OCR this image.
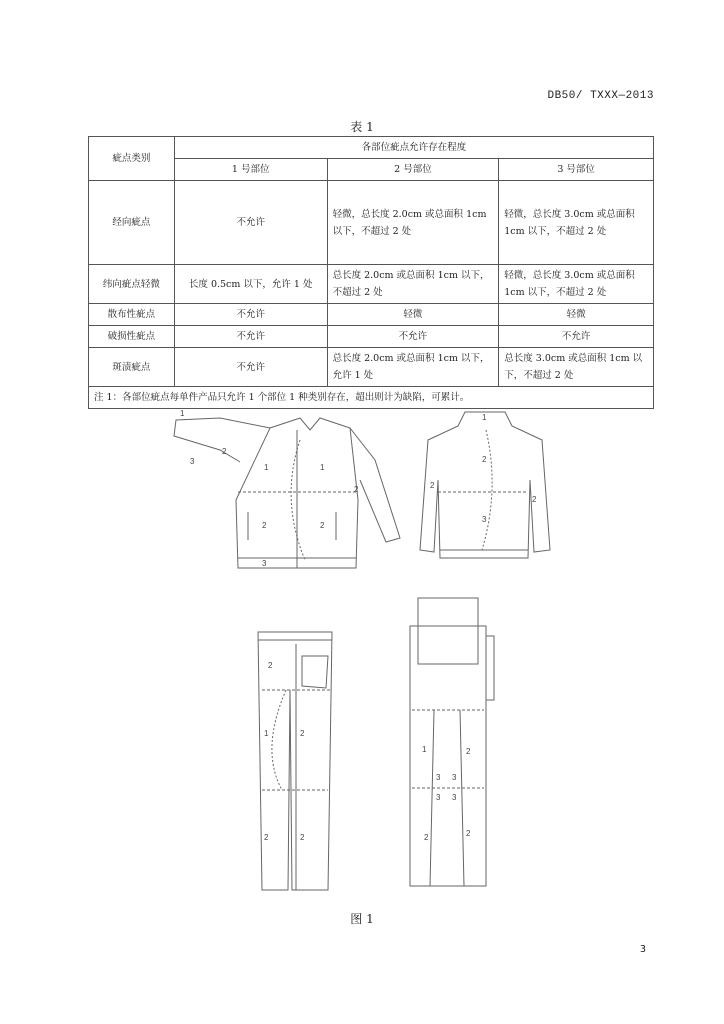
DB50/ TXXX—2013
表 1
疵点类别	各部位疵点允许存在程度		
	1 号部位	2 号部位	3 号部位
经向疵点	不允许	轻微，总长度 2.0cm 或总面积 1cm 以下，不超过 2 处	轻微，总长度 3.0cm 或总面积 1cm 以下，不超过 2 处
纬向疵点轻微	长度 0.5cm 以下，允许 1 处	总长度 2.0cm 或总面积 1cm 以下，不超过 2 处	轻微，总长度 3.0cm 或总面积 1cm 以下，不超过 2 处
散布性疵点	不允许	轻微	轻微
破损性疵点	不允许	不允许	不允许
斑渍疵点	不允许	总长度 2.0cm 或总面积 1cm 以下，允许 1 处	总长度 3.0cm 或总面积 1cm 以下，不超过 2 处
注 1：各部位疵点每单件产品只允许 1 个部位 1 种类别存在，超出则计为缺陷，可累计。			
1
3
2
1	1
2	2
2
3
1
2
3
2
2
2
1	2
2	2
1
3 3
2
3 3
2	2
图 1
3
